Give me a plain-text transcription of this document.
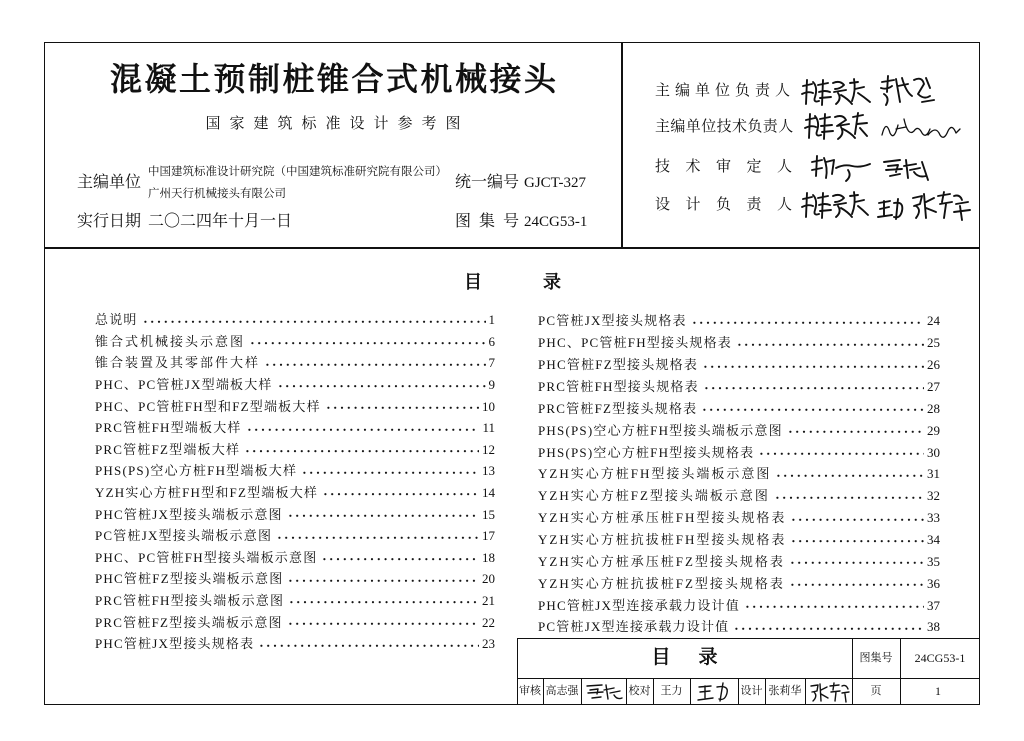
混凝土预制桩锥合式机械接头
国家建筑标准设计参考图
主编单位
中国建筑标准设计研究院（中国建筑标准研究院有限公司）
广州天行机械接头有限公司
统一编号 GJCT-327
实行日期 二〇二四年十月一日	图集号
24CG53-1
主编单位负责人
主编单位技术负责人
技术审定人
设计负责人
目录
总说明	1
锥合式机械接头示意图	6
锥合装置及其零部件大样	7
PHC、PC管桩JX型端板大样	9
PHC、PC管桩FH型和FZ型端板大样	10
PRC管桩FH型端板大样	11
PRC管桩FZ型端板大样	12
PHS(PS)空心方桩FH型端板大样	13
YZH实心方桩FH型和FZ型端板大样	14
PHC管桩JX型接头端板示意图	15
PC管桩JX型接头端板示意图	17
PHC、PC管桩FH型接头端板示意图	18
PHC管桩FZ型接头端板示意图	20
PRC管桩FH型接头端板示意图	21
PRC管桩FZ型接头端板示意图	22
PHC管桩JX型接头规格表	23
PC管桩JX型接头规格表	24
PHC、PC管桩FH型接头规格表	25
PHC管桩FZ型接头规格表	26
PRC管桩FH型接头规格表	27
PRC管桩FZ型接头规格表	28
PHS(PS)空心方桩FH型接头端板示意图	29
PHS(PS)空心方桩FH型接头规格表	30
YZH实心方桩FH型接头端板示意图	31
YZH实心方桩FZ型接头端板示意图	32
YZH实心方桩承压桩FH型接头规格表	33
YZH实心方桩抗拔桩FH型接头规格表	34
YZH实心方桩承压桩FZ型接头规格表	35
YZH实心方桩抗拔桩FZ型接头规格表	36
PHC管桩JX型连接承载力设计值	37
PC管桩JX型连接承载力设计值	38
目录	图集号	24CG53-1
审核 高志强	校对 王力	设计 张莉华	页	1
